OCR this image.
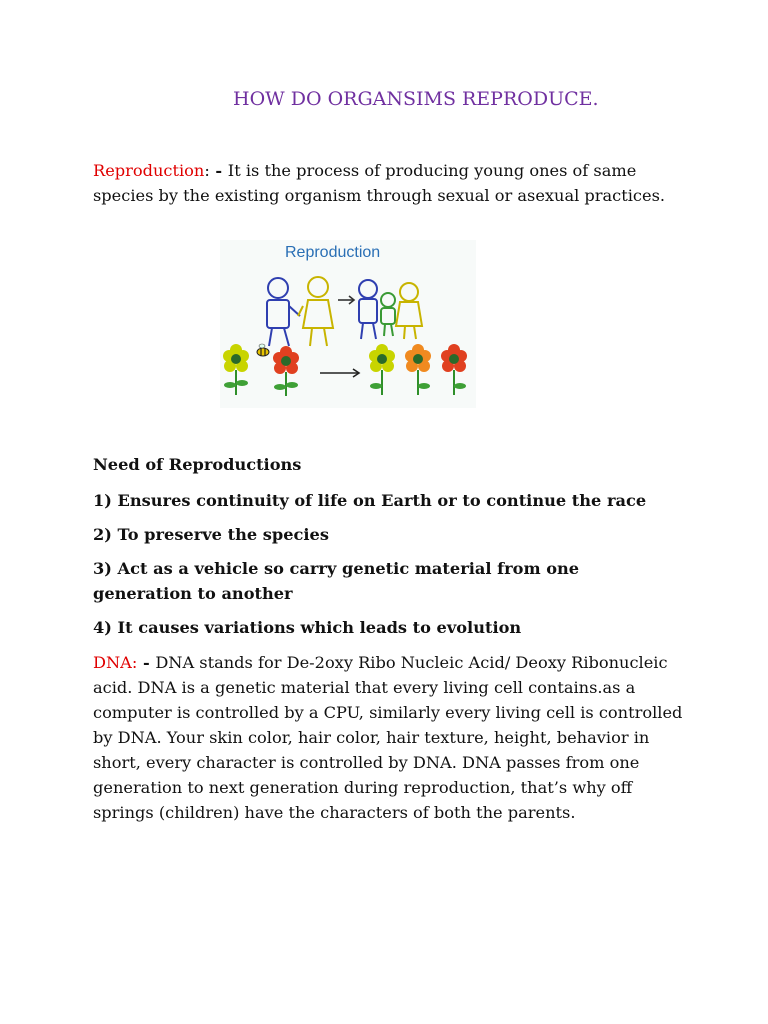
HOW DO ORGANSIMS REPRODUCE.

Reproduction: - It is the process of producing young ones of same species by the existing organism through sexual or asexual practices.

Reproduction
Need of Reproductions

1) Ensures continuity of life on Earth or to continue the race

2) To preserve the species

3) Act as a vehicle so carry genetic material from one generation to another

4) It causes variations which leads to evolution

DNA: - DNA stands for De-2oxy Ribo Nucleic Acid/ Deoxy Ribonucleic acid. DNA is a genetic material that every living cell contains.as a computer is controlled by a CPU, similarly every living cell is controlled by DNA. Your skin color, hair color, hair texture, height, behavior in short, every character is controlled by DNA. DNA passes from one generation to next generation during reproduction, that’s why off springs (children) have the characters of both the parents.
